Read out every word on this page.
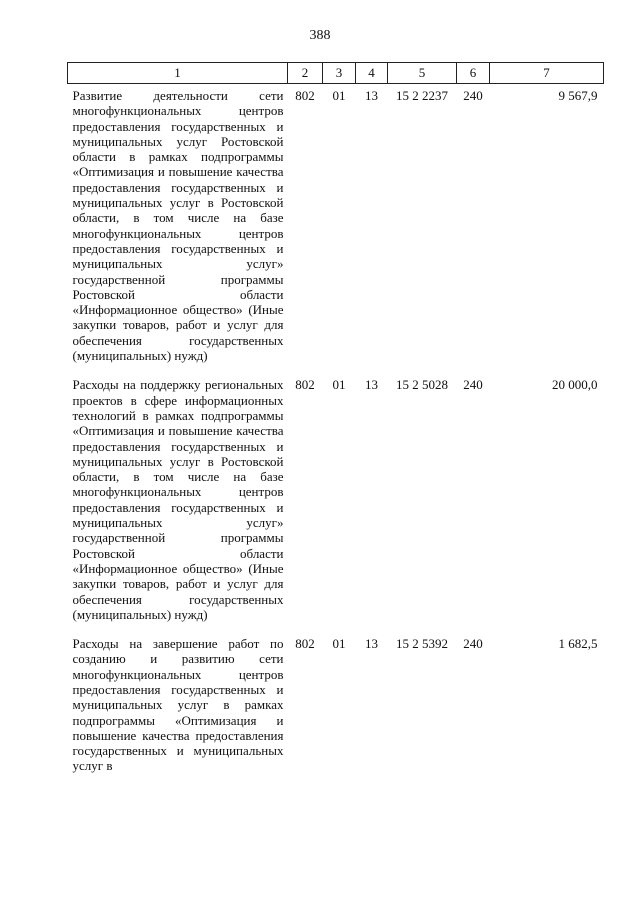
388
1	2	3	4	5	6	7
Развитие деятельности сети многофункциональных центров предоставления государственных и муниципальных услуг Ростовской области в рамках подпрограммы «Оптимизация и повышение качества предоставления государственных и муниципальных услуг в Ростовской области, в том числе на базе многофункциональных центров предоставления государственных и муниципальных услуг» государственной программы Ростовской области «Информационное общество» (Иные закупки товаров, работ и услуг для обеспечения государственных (муниципальных) нужд)	802	01	13	15 2 2237	240	9 567,9
Расходы на поддержку региональных проектов в сфере информационных технологий в рамках подпрограммы «Оптимизация и повышение качества предоставления государственных и муниципальных услуг в Ростовской области, в том числе на базе многофункциональных центров предоставления государственных и муниципальных услуг» государственной программы Ростовской области «Информационное общество» (Иные закупки товаров, работ и услуг для обеспечения государственных (муниципальных) нужд)	802	01	13	15 2 5028	240	20 000,0
Расходы на завершение работ по созданию и развитию сети многофункциональных центров предоставления государственных и муниципальных услуг в рамках подпрограммы «Оптимизация и повышение качества предоставления государственных и муниципальных услуг в	802	01	13	15 2 5392	240	1 682,5
